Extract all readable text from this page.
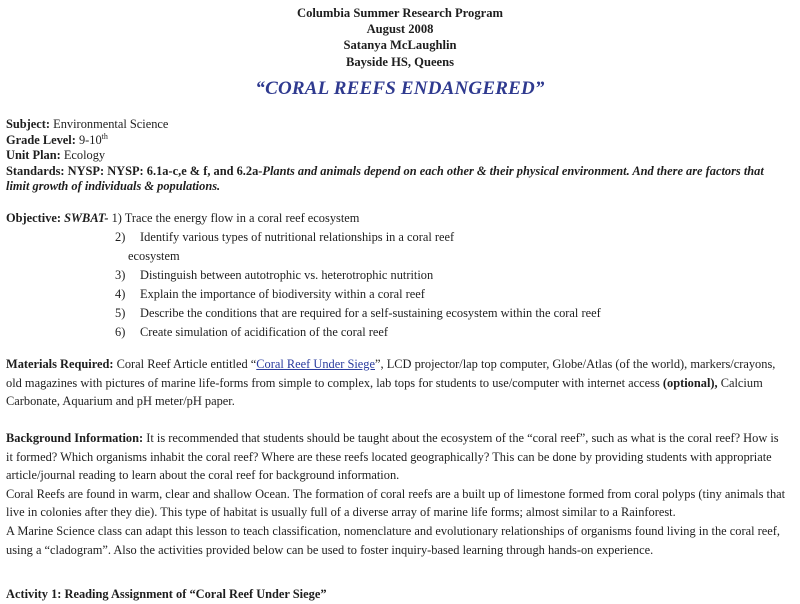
Columbia Summer Research Program
August 2008
Satanya McLaughlin
Bayside HS, Queens
“CORAL REEFS ENDANGERED”
Subject: Environmental Science
Grade Level: 9-10th
Unit Plan: Ecology
Standards: NYSP: NYSP: 6.1a-c,e & f, and 6.2a-Plants and animals depend on each other & their physical environment. And there are factors that
limit growth of individuals & populations.
Objective: SWBAT- 1) Trace the energy flow in a coral reef ecosystem
2) Identify various types of nutritional relationships in a coral reef
ecosystem
3) Distinguish between autotrophic vs. heterotrophic nutrition
4) Explain the importance of biodiversity within a coral reef
5) Describe the conditions that are required for a self-sustaining ecosystem within the coral reef
6) Create simulation of acidification of the coral reef
Materials Required: Coral Reef Article entitled “Coral Reef Under Siege”, LCD projector/lap top computer, Globe/Atlas (of the world), markers/crayons,
old magazines with pictures of marine life-forms from simple to complex, lab tops for students to use/computer with internet access (optional), Calcium
Carbonate, Aquarium and pH meter/pH paper.
Background Information: It is recommended that students should be taught about the ecosystem of the “coral reef”, such as what is the coral reef? How is
it formed? Which organisms inhabit the coral reef? Where are these reefs located geographically? This can be done by providing students with appropriate
article/journal reading to learn about the coral reef for background information.
Coral Reefs are found in warm, clear and shallow Ocean. The formation of coral reefs are a built up of limestone formed from coral polyps (tiny animals that
live in colonies after they die). This type of habitat is usually full of a diverse array of marine life forms; almost similar to a Rainforest.
A Marine Science class can adapt this lesson to teach classification, nomenclature and evolutionary relationships of organisms found living in the coral reef,
using a “cladogram”. Also the activities provided below can be used to foster inquiry-based learning through hands-on experience.
Activity 1: Reading Assignment of “Coral Reef Under Siege”
